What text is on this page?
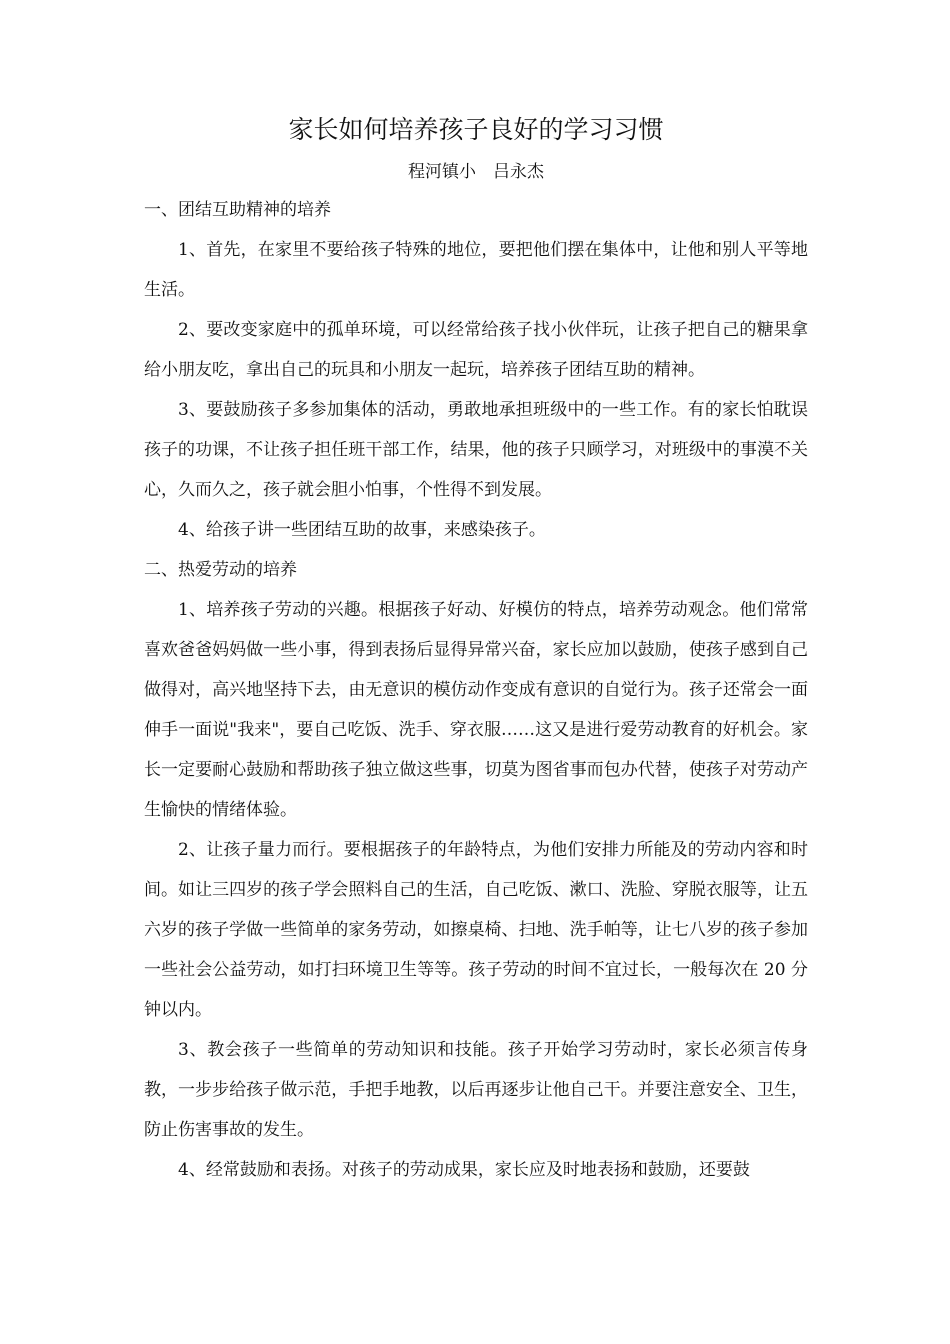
家长如何培养孩子良好的学习习惯

程河镇小　吕永杰

一、团结互助精神的培养

1、首先，在家里不要给孩子特殊的地位，要把他们摆在集体中，让他和别人平等地生活。

2、要改变家庭中的孤单环境，可以经常给孩子找小伙伴玩，让孩子把自己的糖果拿给小朋友吃，拿出自己的玩具和小朋友一起玩，培养孩子团结互助的精神。

3、要鼓励孩子多参加集体的活动，勇敢地承担班级中的一些工作。有的家长怕耽误孩子的功课，不让孩子担任班干部工作，结果，他的孩子只顾学习，对班级中的事漠不关心，久而久之，孩子就会胆小怕事，个性得不到发展。

4、给孩子讲一些团结互助的故事，来感染孩子。

二、热爱劳动的培养

1、培养孩子劳动的兴趣。根据孩子好动、好模仿的特点，培养劳动观念。他们常常喜欢爸爸妈妈做一些小事，得到表扬后显得异常兴奋，家长应加以鼓励，使孩子感到自己做得对，高兴地坚持下去，由无意识的模仿动作变成有意识的自觉行为。孩子还常会一面伸手一面说"我来"，要自己吃饭、洗手、穿衣服……这又是进行爱劳动教育的好机会。家长一定要耐心鼓励和帮助孩子独立做这些事，切莫为图省事而包办代替，使孩子对劳动产生愉快的情绪体验。

2、让孩子量力而行。要根据孩子的年龄特点，为他们安排力所能及的劳动内容和时间。如让三四岁的孩子学会照料自己的生活，自己吃饭、漱口、洗脸、穿脱衣服等，让五六岁的孩子学做一些简单的家务劳动，如擦桌椅、扫地、洗手帕等，让七八岁的孩子参加一些社会公益劳动，如打扫环境卫生等等。孩子劳动的时间不宜过长，一般每次在 20 分钟以内。

3、教会孩子一些简单的劳动知识和技能。孩子开始学习劳动时，家长必须言传身教，一步步给孩子做示范，手把手地教，以后再逐步让他自己干。并要注意安全、卫生，防止伤害事故的发生。

4、经常鼓励和表扬。对孩子的劳动成果，家长应及时地表扬和鼓励，还要鼓
